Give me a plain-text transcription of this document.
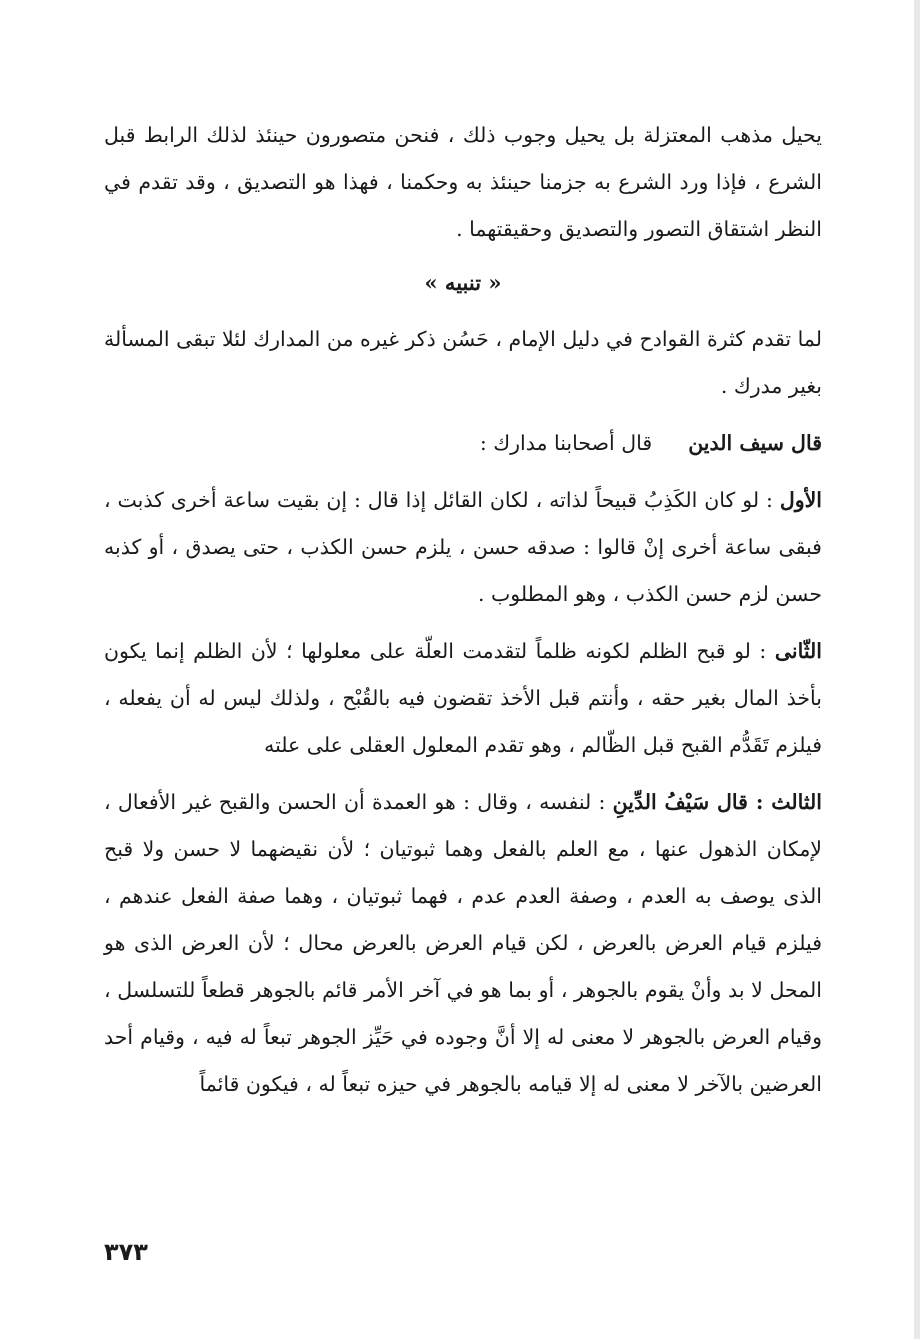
يحيل مذهب المعتزلة بل يحيل وجوب ذلك ، فنحن متصورون حينئذ لذلك الرابط قبل الشرع ، فإذا ورد الشرع به جزمنا حينئذ به وحكمنا ، فهذا هو التصديق ، وقد تقدم في النظر اشتقاق التصور والتصديق وحقيقتهما .

« تنبيه »

لما تقدم كثرة القوادح في دليل الإمام ، حَسُن ذكر غيره من المدارك لئلا تبقى المسألة بغير مدرك .

قال سيف الدينقال أصحابنا مدارك :

الأول : لو كان الكَذِبُ قبيحاً لذاته ، لكان القائل إذا قال : إن بقيت ساعة أخرى كذبت ، فبقى ساعة أخرى إنْ قالوا : صدقه حسن ، يلزم حسن الكذب ، حتى يصدق ، أو كذبه حسن لزم حسن الكذب ، وهو المطلوب .

الثّانى : لو قبح الظلم لكونه ظلماً لتقدمت العلّة على معلولها ؛ لأن الظلم إنما يكون بأخذ المال بغير حقه ، وأنتم قبل الأخذ تقضون فيه بالقُبْح ، ولذلك ليس له أن يفعله ، فيلزم تَقَدُّم القبح قبل الظّالم ، وهو تقدم المعلول العقلى على علته

الثالث : قال سَيْفُ الدِّينِ : لنفسه ، وقال : هو العمدة أن الحسن والقبح غير الأفعال ، لإمكان الذهول عنها ، مع العلم بالفعل وهما ثبوتيان ؛ لأن نقيضهما لا حسن ولا قبح الذى يوصف به العدم ، وصفة العدم عدم ، فهما ثبوتيان ، وهما صفة الفعل عندهم ، فيلزم قيام العرض بالعرض ، لكن قيام العرض بالعرض محال ؛ لأن العرض الذى هو المحل لا بد وأنْ يقوم بالجوهر ، أو بما هو في آخر الأمر قائم بالجوهر قطعاً للتسلسل ، وقيام العرض بالجوهر لا معنى له إلا أنَّ وجوده في حَيِّز الجوهر تبعاً له فيه ، وقيام أحد العرضين بالآخر لا معنى له إلا قيامه بالجوهر في حيزه تبعاً له ، فيكون قائماً

٣٧٣
